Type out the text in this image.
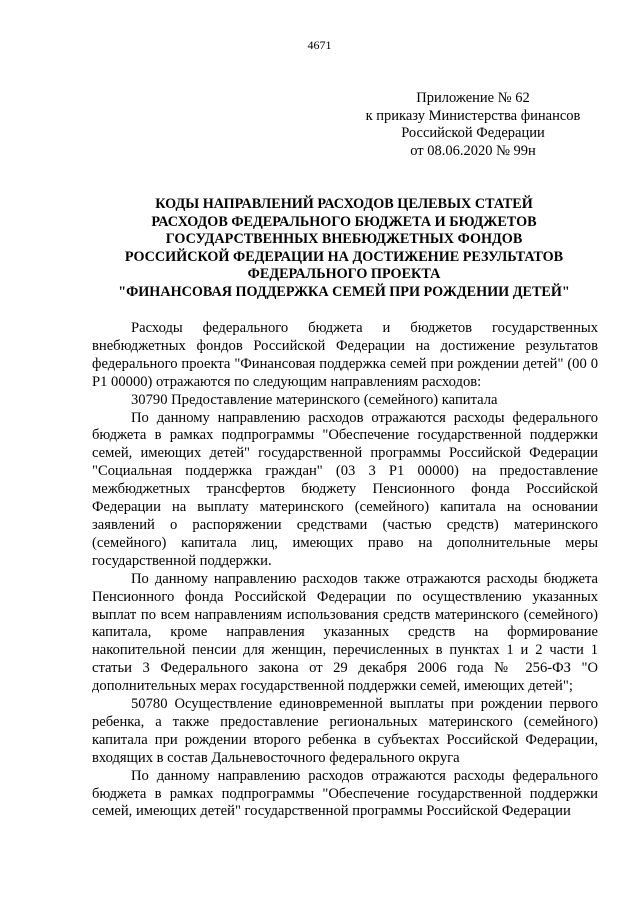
4671
Приложение № 62
к приказу Министерства финансов
Российской Федерации
от 08.06.2020 № 99н
КОДЫ НАПРАВЛЕНИЙ РАСХОДОВ ЦЕЛЕВЫХ СТАТЕЙ
РАСХОДОВ ФЕДЕРАЛЬНОГО БЮДЖЕТА И БЮДЖЕТОВ
ГОСУДАРСТВЕННЫХ ВНЕБЮДЖЕТНЫХ ФОНДОВ
РОССИЙСКОЙ ФЕДЕРАЦИИ НА ДОСТИЖЕНИЕ РЕЗУЛЬТАТОВ
ФЕДЕРАЛЬНОГО ПРОЕКТА
"ФИНАНСОВАЯ ПОДДЕРЖКА СЕМЕЙ ПРИ РОЖДЕНИИ ДЕТЕЙ"

Расходы федерального бюджета и бюджетов государственных внебюджетных фондов Российской Федерации на достижение результатов федерального проекта "Финансовая поддержка семей при рождении детей" (00 0 P1 00000) отражаются по следующим направлениям расходов:

30790 Предоставление материнского (семейного) капитала

По данному направлению расходов отражаются расходы федерального бюджета в рамках подпрограммы "Обеспечение государственной поддержки семей, имеющих детей" государственной программы Российской Федерации "Социальная поддержка граждан" (03 3 P1 00000) на предоставление межбюджетных трансфертов бюджету Пенсионного фонда Российской Федерации на выплату материнского (семейного) капитала на основании заявлений о распоряжении средствами (частью средств) материнского (семейного) капитала лиц, имеющих право на дополнительные меры государственной поддержки.

По данному направлению расходов также отражаются расходы бюджета Пенсионного фонда Российской Федерации по осуществлению указанных выплат по всем направлениям использования средств материнского (семейного) капитала, кроме направления указанных средств на формирование накопительной пенсии для женщин, перечисленных в пунктах 1 и 2 части 1 статьи 3 Федерального закона от 29 декабря 2006 года № 256-ФЗ "О дополнительных мерах государственной поддержки семей, имеющих детей";

50780 Осуществление единовременной выплаты при рождении первого ребенка, а также предоставление региональных материнского (семейного) капитала при рождении второго ребенка в субъектах Российской Федерации, входящих в состав Дальневосточного федерального округа

По данному направлению расходов отражаются расходы федерального бюджета в рамках подпрограммы "Обеспечение государственной поддержки семей, имеющих детей" государственной программы Российской Федерации
